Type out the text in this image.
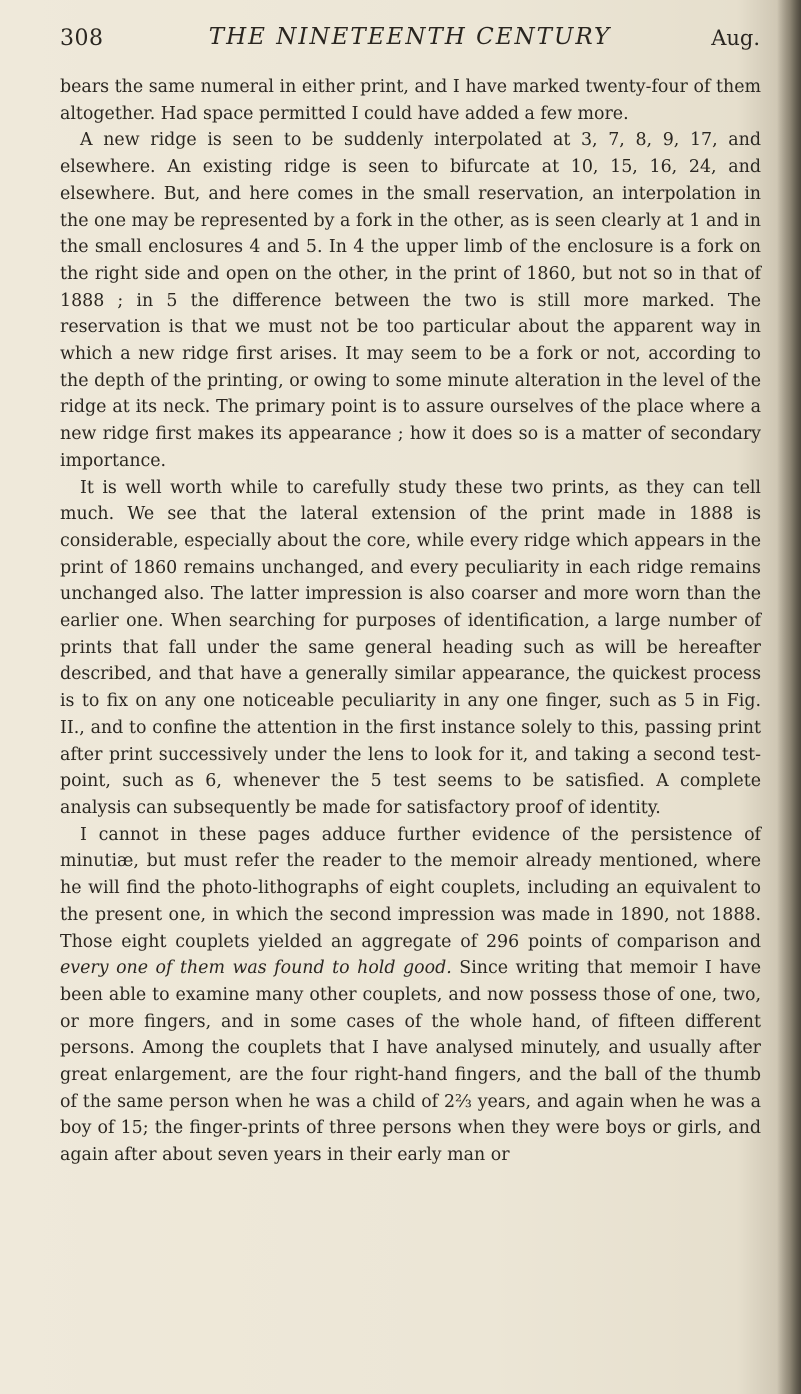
308	THE NINETEENTH CENTURY	Aug.

bears the same numeral in either print, and I have marked twenty-four of them altogether. Had space permitted I could have added a few more.

A new ridge is seen to be suddenly interpolated at 3, 7, 8, 9, 17, and elsewhere. An existing ridge is seen to bifurcate at 10, 15, 16, 24, and elsewhere. But, and here comes in the small reservation, an interpolation in the one may be represented by a fork in the other, as is seen clearly at 1 and in the small enclosures 4 and 5. In 4 the upper limb of the enclosure is a fork on the right side and open on the other, in the print of 1860, but not so in that of 1888 ; in 5 the difference between the two is still more marked. The reservation is that we must not be too particular about the apparent way in which a new ridge first arises. It may seem to be a fork or not, according to the depth of the printing, or owing to some minute alteration in the level of the ridge at its neck. The primary point is to assure ourselves of the place where a new ridge first makes its appearance ; how it does so is a matter of secondary importance.

It is well worth while to carefully study these two prints, as they can tell much. We see that the lateral extension of the print made in 1888 is considerable, especially about the core, while every ridge which appears in the print of 1860 remains unchanged, and every peculiarity in each ridge remains unchanged also. The latter impression is also coarser and more worn than the earlier one. When searching for purposes of identification, a large number of prints that fall under the same general heading such as will be hereafter described, and that have a generally similar appearance, the quickest process is to fix on any one noticeable peculiarity in any one finger, such as 5 in Fig. II., and to confine the attention in the first instance solely to this, passing print after print successively under the lens to look for it, and taking a second test-point, such as 6, whenever the 5 test seems to be satisfied. A complete analysis can subsequently be made for satisfactory proof of identity.

I cannot in these pages adduce further evidence of the persistence of minutiæ, but must refer the reader to the memoir already mentioned, where he will find the photo-lithographs of eight couplets, including an equivalent to the present one, in which the second impression was made in 1890, not 1888. Those eight couplets yielded an aggregate of 296 points of comparison and every one of them was found to hold good. Since writing that memoir I have been able to examine many other couplets, and now possess those of one, two, or more fingers, and in some cases of the whole hand, of fifteen different persons. Among the couplets that I have analysed minutely, and usually after great enlargement, are the four right-hand fingers, and the ball of the thumb of the same person when he was a child of 2⅔ years, and again when he was a boy of 15; the finger-prints of three persons when they were boys or girls, and again after about seven years in their early man or
